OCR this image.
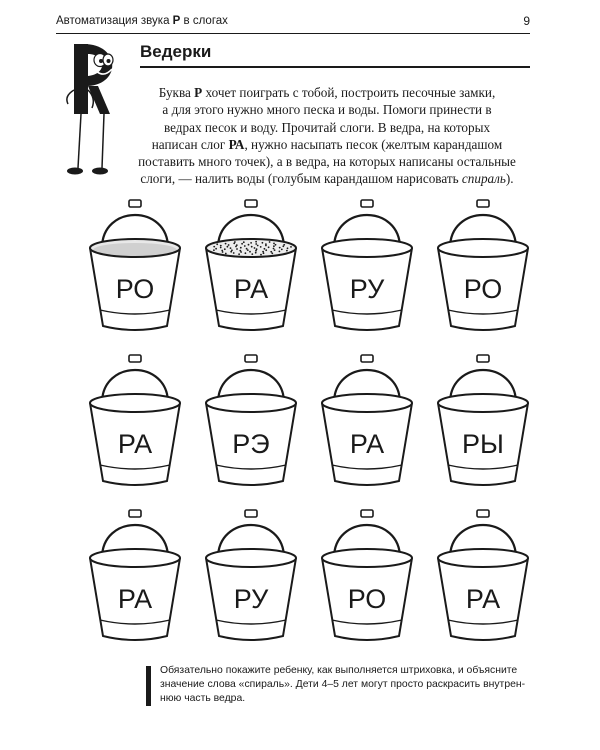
Автоматизация звука Р в слогах	9
Ведерки
Буква Р хочет поиграть с тобой, построить песочные замки,
а для этого нужно много песка и воды. Помоги принести в
ведрах песок и воду. Прочитай слоги. В ведра, на которых
написан слог РА, нужно насыпать песок (желтым карандашом
поставить много точек), а в ведра, на которых написаны остальные
слоги, — налить воды (голубым карандашом нарисовать спираль).
РО	РА	РУ	РО
РА	РЭ	РА	РЫ
РА	РУ	РО	РА
Обязательно покажите ребенку, как выполняется штриховка, и объясните
значение слова «спираль». Дети 4–5 лет могут просто раскрасить внутрен-
нюю часть ведра.
